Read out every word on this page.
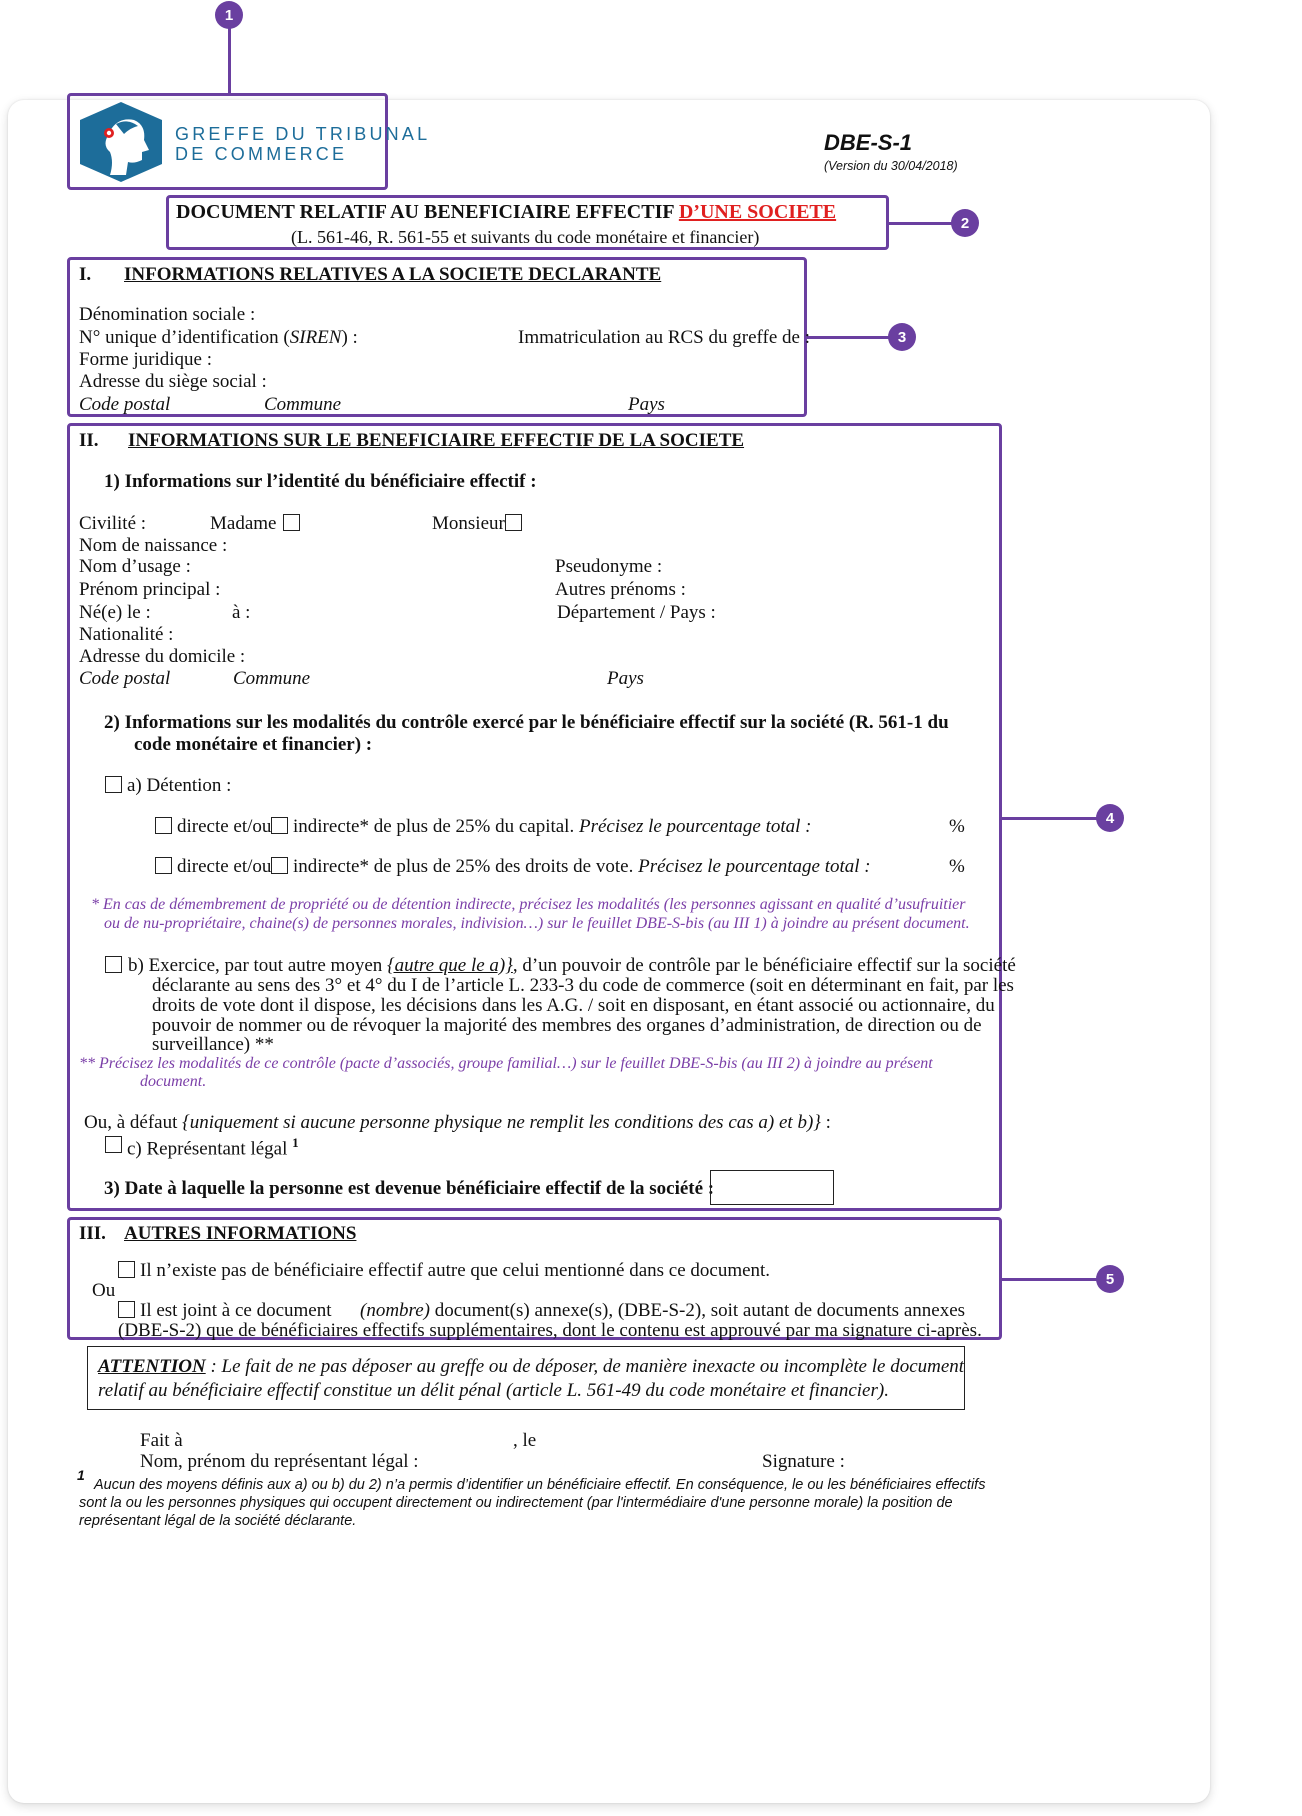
1
GREFFE DU TRIBUNAL
DE COMMERCE	DBE-S-1
(Version du 30/04/2018)
2
DOCUMENT RELATIF AU BENEFICIAIRE EFFECTIF D’UNE SOCIETE
(L. 561-46, R. 561-55 et suivants du code monétaire et financier)
3
I. INFORMATIONS RELATIVES A LA SOCIETE DECLARANTE
Dénomination sociale :
N° unique d’identification (SIREN) :	Immatriculation au RCS du greffe de :
Forme juridique :
Adresse du siège social :
Code postal	Commune	Pays
4
II. INFORMATIONS SUR LE BENEFICIAIRE EFFECTIF DE LA SOCIETE
1) Informations sur l’identité du bénéficiaire effectif :
Civilité :	Madame	Monsieur
Nom de naissance :
Nom d’usage :	Pseudonyme :
Prénom principal :	Autres prénoms :
Né(e) le :	à :	Département / Pays :
Nationalité :
Adresse du domicile :
Code postal	Commune	Pays
2) Informations sur les modalités du contrôle exercé par le bénéficiaire effectif sur la société (R. 561-1 du
code monétaire et financier) :
a) Détention :
directe et/ou indirecte* de plus de 25% du capital. Précisez le pourcentage total :	%
directe et/ou indirecte* de plus de 25% des droits de vote. Précisez le pourcentage total :	%
* En cas de démembrement de propriété ou de détention indirecte, précisez les modalités (les personnes agissant en qualité d’usufruitier
ou de nu-propriétaire, chaine(s) de personnes morales, indivision…) sur le feuillet DBE-S-bis (au III 1) à joindre au présent document.
b) Exercice, par tout autre moyen {autre que le a)}, d’un pouvoir de contrôle par le bénéficiaire effectif sur la société
déclarante au sens des 3° et 4° du I de l’article L. 233-3 du code de commerce (soit en déterminant en fait, par les
droits de vote dont il dispose, les décisions dans les A.G. / soit en disposant, en étant associé ou actionnaire, du
pouvoir de nommer ou de révoquer la majorité des membres des organes d’administration, de direction ou de
surveillance) **
** Précisez les modalités de ce contrôle (pacte d’associés, groupe familial…) sur le feuillet DBE-S-bis (au III 2) à joindre au présent
document.
Ou, à défaut {uniquement si aucune personne physique ne remplit les conditions des cas a) et b)} :
c) Représentant légal $^1$
3) Date à laquelle la personne est devenue bénéficiaire effectif de la société :
5
III. AUTRES INFORMATIONS
Il n’existe pas de bénéficiaire effectif autre que celui mentionné dans ce document.
Ou
Il est joint à ce document (nombre) document(s) annexe(s), (DBE-S-2), soit autant de documents annexes
(DBE-S-2) que de bénéficiaires effectifs supplémentaires, dont le contenu est approuvé par ma signature ci-après.
ATTENTION : Le fait de ne pas déposer au greffe ou de déposer, de manière inexacte ou incomplète le document
relatif au bénéficiaire effectif constitue un délit pénal (article L. 561-49 du code monétaire et financier).
Fait à	, le
Nom, prénom du représentant légal :	Signature :
1
Aucun des moyens définis aux a) ou b) du 2) n’a permis d’identifier un bénéficiaire effectif. En conséquence, le ou les bénéficiaires effectifs
sont la ou les personnes physiques qui occupent directement ou indirectement (par l'intermédiaire d'une personne morale) la position de
représentant légal de la société déclarante.
